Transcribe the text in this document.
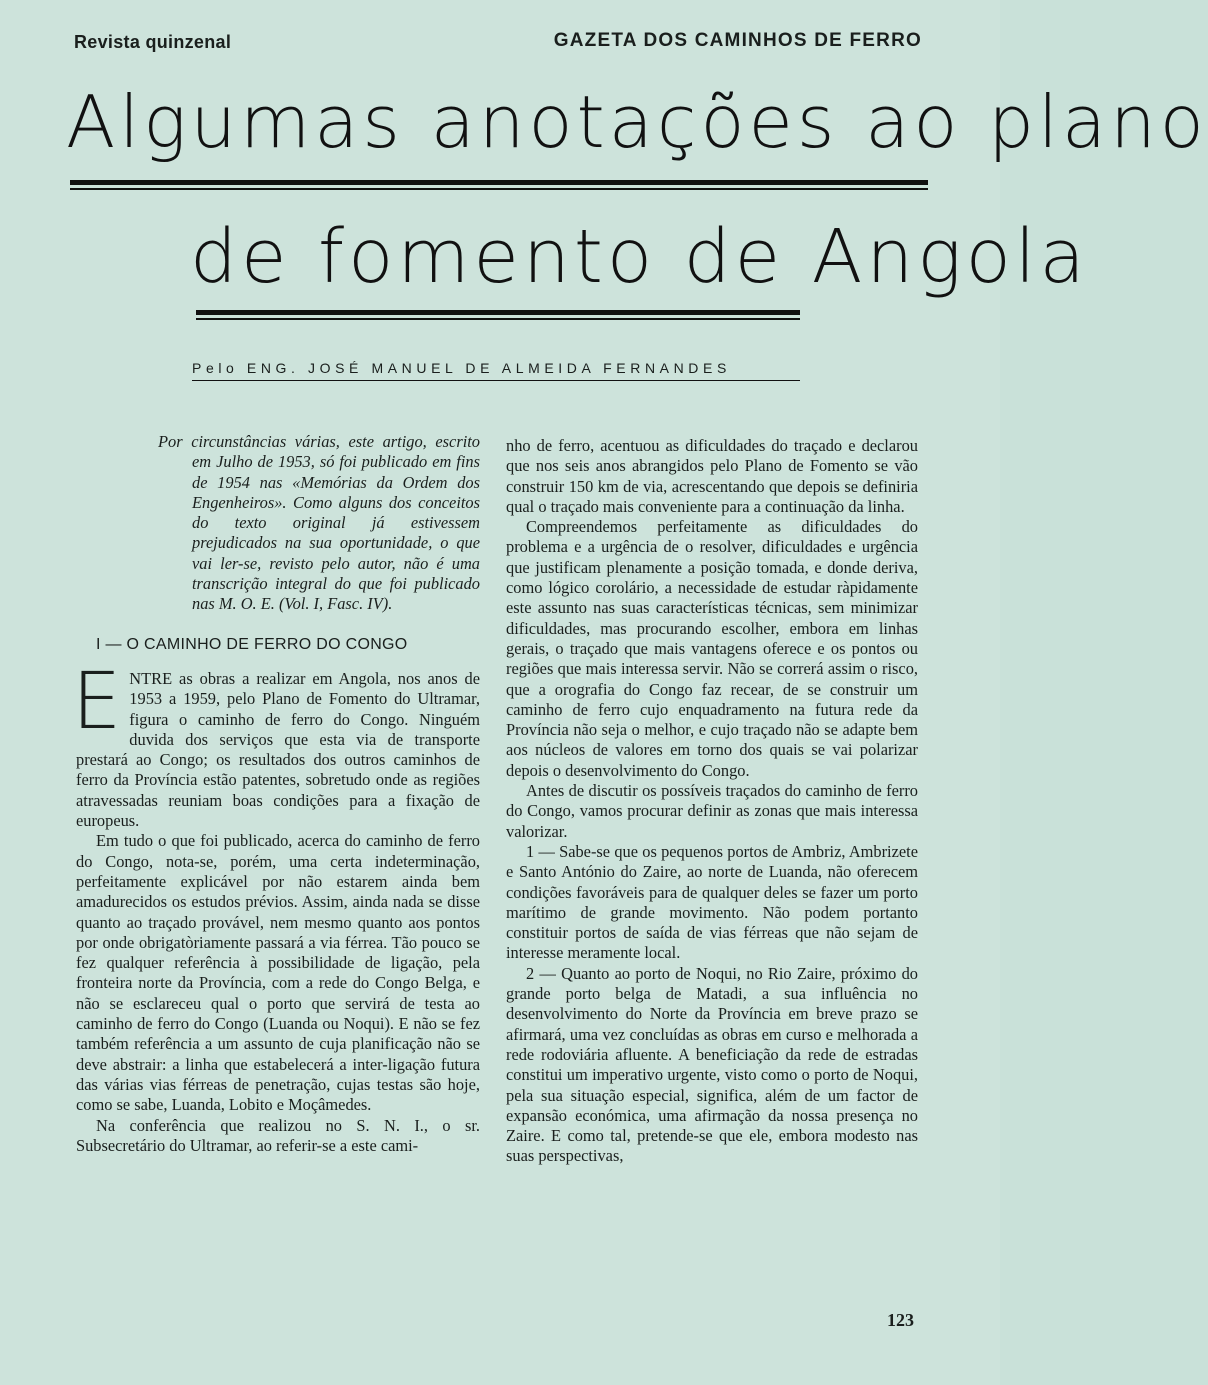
Revista quinzenal	GAZETA DOS CAMINHOS DE FERRO
Algumas anotações ao plano
de fomento de Angola
Pelo ENG. JOSÉ MANUEL DE ALMEIDA FERNANDES

Por circunstâncias várias, este artigo, escrito em Julho de 1953, só foi publicado em fins de 1954 nas «Memórias da Ordem dos Engenheiros». Como alguns dos conceitos do texto original já estivessem prejudicados na sua oportunidade, o que vai ler-se, revisto pelo autor, não é uma transcrição integral do que foi publicado nas M. O. E. (Vol. I, Fasc. IV).

I — O CAMINHO DE FERRO DO CONGO
E NTRE as obras a realizar em Angola, nos anos de 1953 a 1959, pelo Plano de Fomento do Ultramar, figura o caminho de ferro do Congo. Ninguém duvida dos serviços que esta via de transporte prestará ao Congo; os resultados dos outros caminhos de ferro da Província estão patentes, sobretudo onde as regiões atravessadas reuniam boas condições para a fixação de europeus.

Em tudo o que foi publicado, acerca do caminho de ferro do Congo, nota-se, porém, uma certa indeterminação, perfeitamente explicável por não estarem ainda bem amadurecidos os estudos prévios. Assim, ainda nada se disse quanto ao traçado provável, nem mesmo quanto aos pontos por onde obrigatòriamente passará a via férrea. Tão pouco se fez qualquer referência à possibilidade de ligação, pela fronteira norte da Província, com a rede do Congo Belga, e não se esclareceu qual o porto que servirá de testa ao caminho de ferro do Congo (Luanda ou Noqui). E não se fez também referência a um assunto de cuja planificação não se deve abstrair: a linha que estabelecerá a inter-ligação futura das várias vias férreas de penetração, cujas testas são hoje, como se sabe, Luanda, Lobito e Moçâmedes.

Na conferência que realizou no S. N. I., o sr. Subsecretário do Ultramar, ao referir-se a este cami-

nho de ferro, acentuou as dificuldades do traçado e declarou que nos seis anos abrangidos pelo Plano de Fomento se vão construir 150 km de via, acrescentando que depois se definiria qual o traçado mais conveniente para a continuação da linha.

Compreendemos perfeitamente as dificuldades do problema e a urgência de o resolver, dificuldades e urgência que justificam plenamente a posição tomada, e donde deriva, como lógico corolário, a necessidade de estudar ràpidamente este assunto nas suas características técnicas, sem minimizar dificuldades, mas procurando escolher, embora em linhas gerais, o traçado que mais vantagens oferece e os pontos ou regiões que mais interessa servir. Não se correrá assim o risco, que a orografia do Congo faz recear, de se construir um caminho de ferro cujo enquadramento na futura rede da Província não seja o melhor, e cujo traçado não se adapte bem aos núcleos de valores em torno dos quais se vai polarizar depois o desenvolvimento do Congo.

Antes de discutir os possíveis traçados do caminho de ferro do Congo, vamos procurar definir as zonas que mais interessa valorizar.

1 — Sabe-se que os pequenos portos de Ambriz, Ambrizete e Santo António do Zaire, ao norte de Luanda, não oferecem condições favoráveis para de qualquer deles se fazer um porto marítimo de grande movimento. Não podem portanto constituir portos de saída de vias férreas que não sejam de interesse meramente local.

2 — Quanto ao porto de Noqui, no Rio Zaire, próximo do grande porto belga de Matadi, a sua influência no desenvolvimento do Norte da Província em breve prazo se afirmará, uma vez concluídas as obras em curso e melhorada a rede rodoviária afluente. A beneficiação da rede de estradas constitui um imperativo urgente, visto como o porto de Noqui, pela sua situação especial, significa, além de um factor de expansão económica, uma afirmação da nossa presença no Zaire. E como tal, pretende-se que ele, embora modesto nas suas perspectivas,

123
